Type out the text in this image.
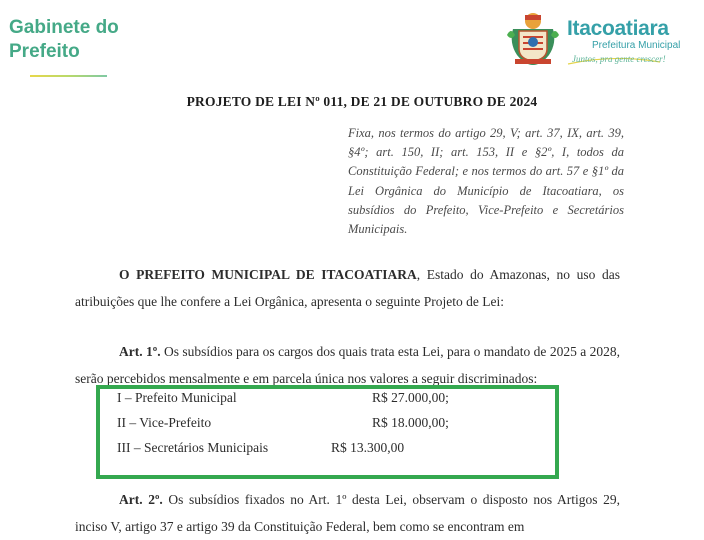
Gabinete do
Prefeito
Itacoatiara
Prefeitura Municipal
Juntos, pra gente crescer!
PROJETO DE LEI Nº 011, DE 21 DE OUTUBRO DE 2024
Fixa, nos termos do artigo 29, V; art. 37, IX, art. 39, §4º; art. 150, II; art. 153, II e §2º, I, todos da Constituição Federal; e nos termos do art. 57 e §1º da Lei Orgânica do Município de Itacoatiara, os subsídios do Prefeito, Vice-Prefeito e Secretários Municipais.
O PREFEITO MUNICIPAL DE ITACOATIARA, Estado do Amazonas, no uso das atribuições que lhe confere a Lei Orgânica, apresenta o seguinte Projeto de Lei:
Art. 1º. Os subsídios para os cargos dos quais trata esta Lei, para o mandato de 2025 a 2028, serão percebidos mensalmente e em parcela única nos valores a seguir discriminados:
I – Prefeito Municipal	R$ 27.000,00;
II – Vice-Prefeito	R$ 18.000,00;
III – Secretários Municipais	R$ 13.300,00
Art. 2º. Os subsídios fixados no Art. 1º desta Lei, observam o disposto nos Artigos 29, inciso V, artigo 37 e artigo 39 da Constituição Federal, bem como se encontram em
